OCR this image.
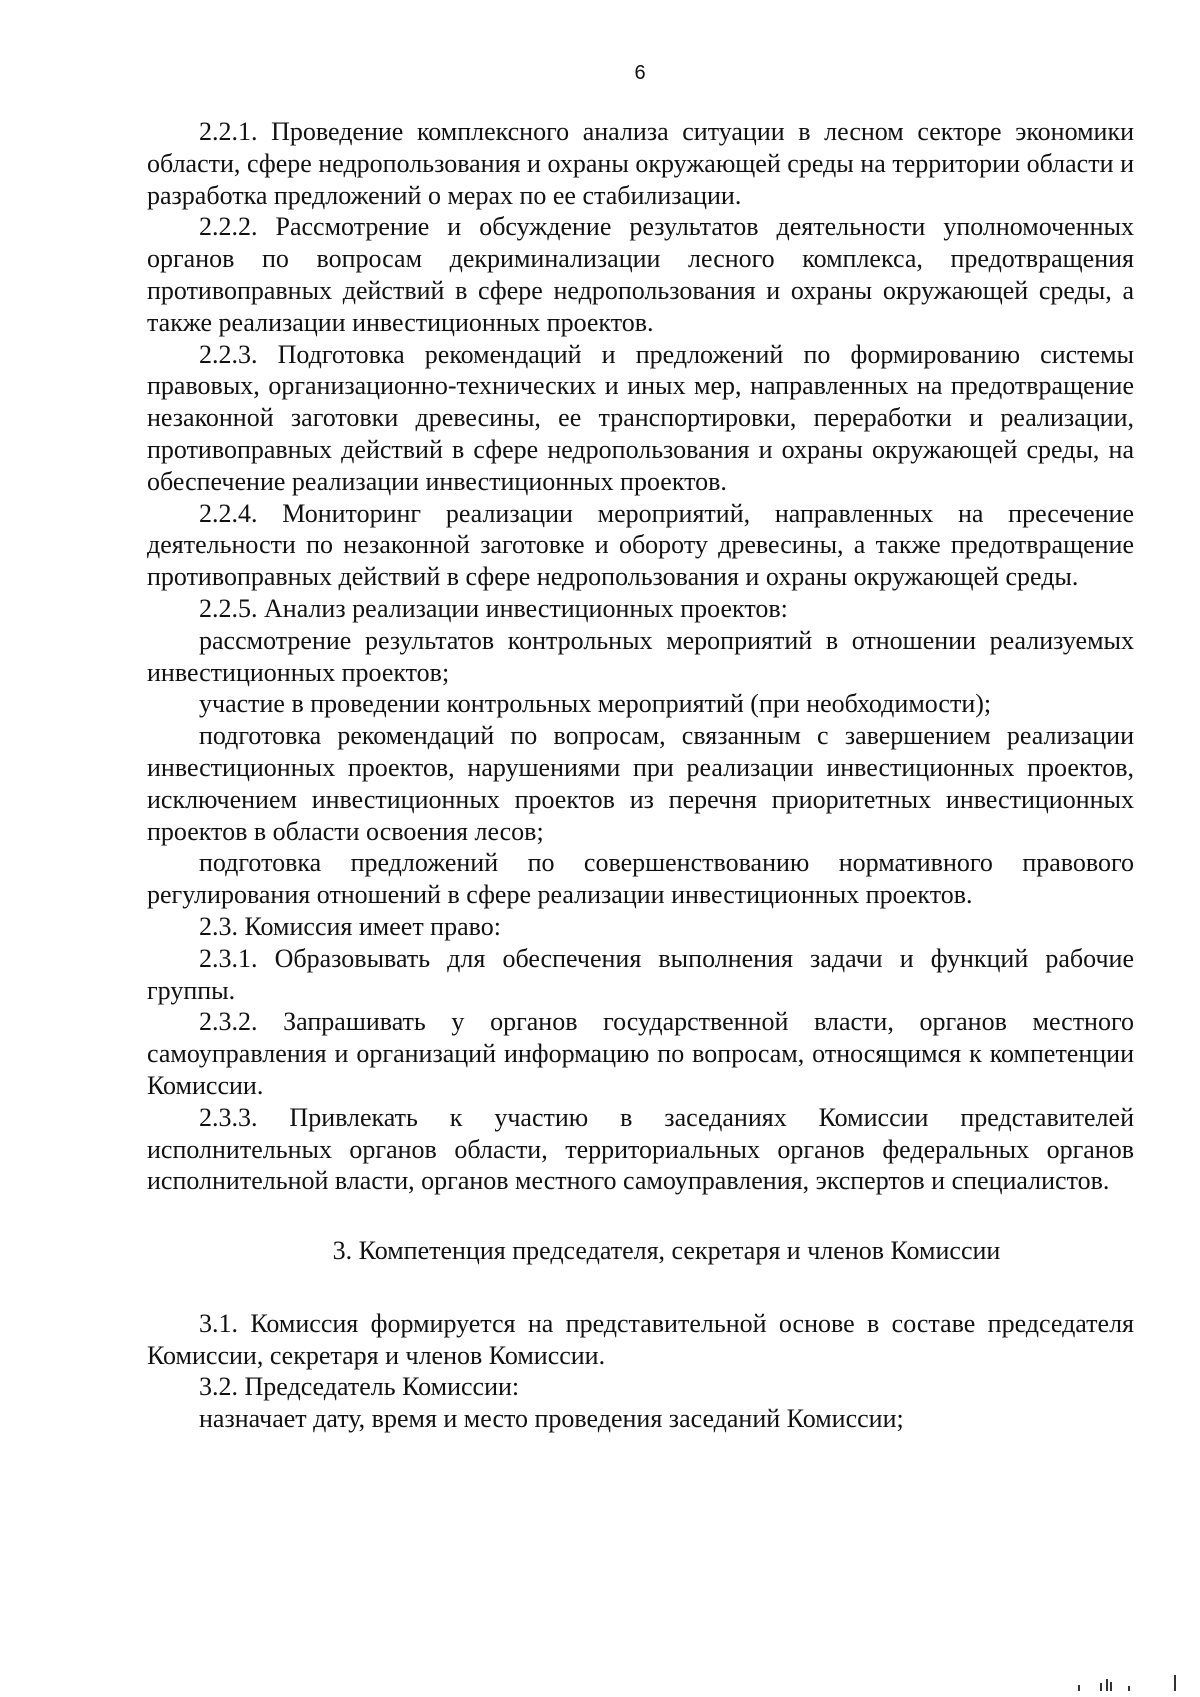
6

2.2.1. Проведение комплексного анализа ситуации в лесном секторе экономики области, сфере недропользования и охраны окружающей среды на территории области и разработка предложений о мерах по ее стабилизации.

2.2.2. Рассмотрение и обсуждение результатов деятельности уполномоченных органов по вопросам декриминализации лесного комплекса, предотвращения противоправных действий в сфере недропользования и охраны окружающей среды, а также реализации инвестиционных проектов.

2.2.3. Подготовка рекомендаций и предложений по формированию системы правовых, организационно-технических и иных мер, направленных на предотвращение незаконной заготовки древесины, ее транспортировки, переработки и реализации, противоправных действий в сфере недропользования и охраны окружающей среды, на обеспечение реализации инвестиционных проектов.

2.2.4. Мониторинг реализации мероприятий, направленных на пресечение деятельности по незаконной заготовке и обороту древесины, а также предотвращение противоправных действий в сфере недропользования и охраны окружающей среды.

2.2.5. Анализ реализации инвестиционных проектов:

рассмотрение результатов контрольных мероприятий в отношении реализуемых инвестиционных проектов;

участие в проведении контрольных мероприятий (при необходимости);

подготовка рекомендаций по вопросам, связанным с завершением реализации инвестиционных проектов, нарушениями при реализации инвестиционных проектов, исключением инвестиционных проектов из перечня приоритетных инвестиционных проектов в области освоения лесов;

подготовка предложений по совершенствованию нормативного правового регулирования отношений в сфере реализации инвестиционных проектов.

2.3. Комиссия имеет право:

2.3.1. Образовывать для обеспечения выполнения задачи и функций рабочие группы.

2.3.2. Запрашивать у органов государственной власти, органов местного самоуправления и организаций информацию по вопросам, относящимся к компетенции Комиссии.

2.3.3. Привлекать к участию в заседаниях Комиссии представителей исполнительных органов области, территориальных органов федеральных органов исполнительной власти, органов местного самоуправления, экспертов и специалистов.

3. Компетенция председателя, секретаря и членов Комиссии

3.1. Комиссия формируется на представительной основе в составе председателя Комиссии, секретаря и членов Комиссии.

3.2. Председатель Комиссии:

назначает дату, время и место проведения заседаний Комиссии;
